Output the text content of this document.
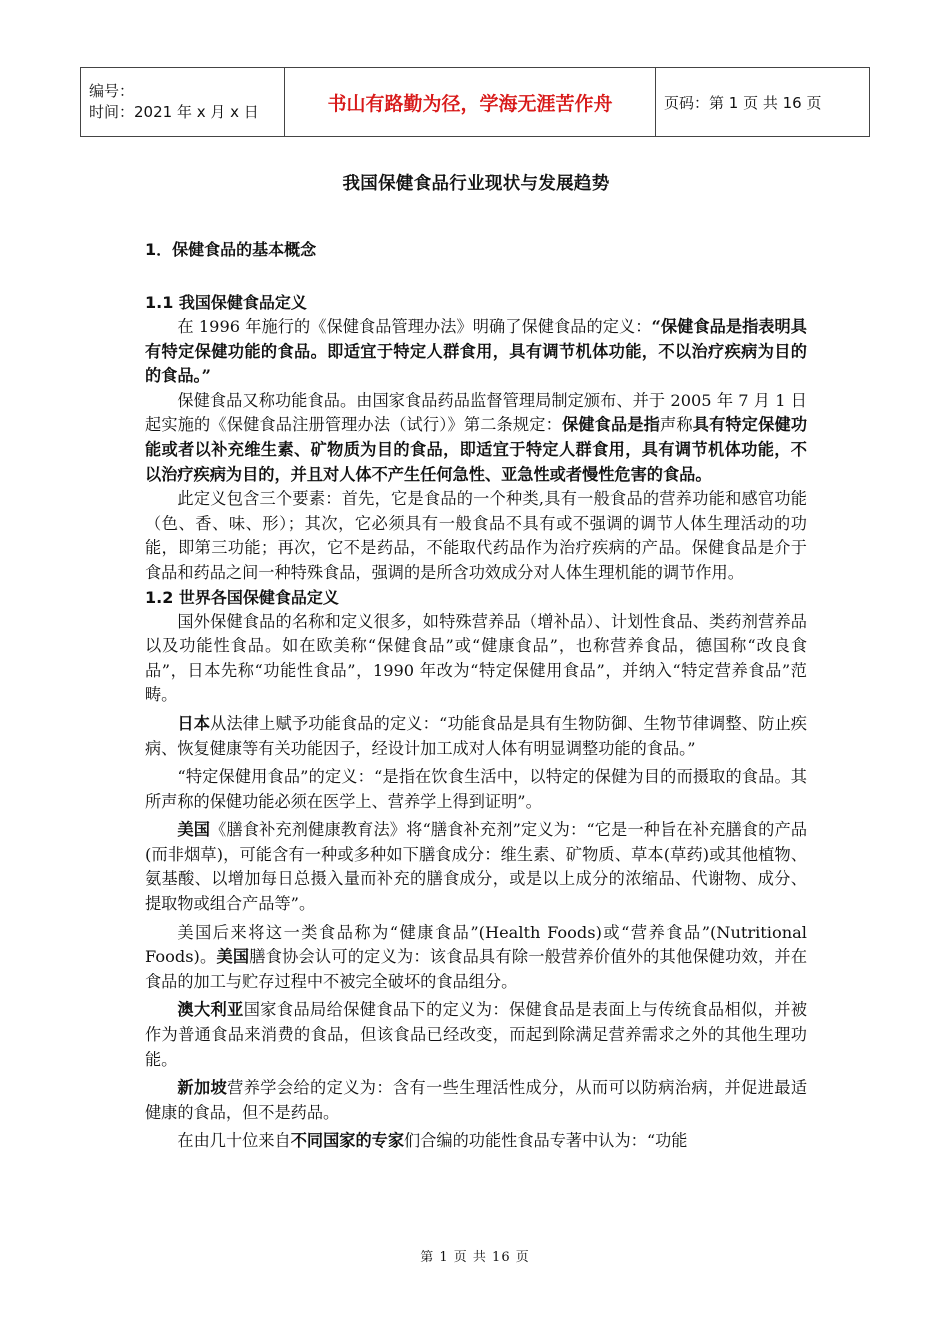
编号：
时间：2021 年 x 月 x 日	书山有路勤为径，学海无涯苦作舟	页码：第 1 页 共 16 页
我国保健食品行业现状与发展趋势
1．保健食品的基本概念
1.1 我国保健食品定义

在 1996 年施行的《保健食品管理办法》明确了保健食品的定义：“保健食品是指表明具有特定保健功能的食品。即适宜于特定人群食用，具有调节机体功能，不以治疗疾病为目的的食品。”

保健食品又称功能食品。由国家食品药品监督管理局制定颁布、并于 2005 年 7 月 1 日起实施的《保健食品注册管理办法（试行）》第二条规定：保健食品是指声称具有特定保健功能或者以补充维生素、矿物质为目的食品，即适宜于特定人群食用，具有调节机体功能，不以治疗疾病为目的，并且对人体不产生任何急性、亚急性或者慢性危害的食品。

此定义包含三个要素：首先，它是食品的一个种类,具有一般食品的营养功能和感官功能（色、香、味、形）；其次，它必须具有一般食品不具有或不强调的调节人体生理活动的功能，即第三功能；再次，它不是药品，不能取代药品作为治疗疾病的产品。保健食品是介于食品和药品之间一种特殊食品，强调的是所含功效成分对人体生理机能的调节作用。

1.2 世界各国保健食品定义

国外保健食品的名称和定义很多，如特殊营养品（增补品）、计划性食品、类药剂营养品以及功能性食品。如在欧美称“保健食品”或“健康食品”，也称营养食品，德国称“改良食品”，日本先称“功能性食品”，1990 年改为“特定保健用食品”，并纳入“特定营养食品”范畴。

日本从法律上赋予功能食品的定义：“功能食品是具有生物防御、生物节律调整、防止疾病、恢复健康等有关功能因子，经设计加工成对人体有明显调整功能的食品。”

“特定保健用食品”的定义：“是指在饮食生活中，以特定的保健为目的而摄取的食品。其所声称的保健功能必须在医学上、营养学上得到证明”。

美国《膳食补充剂健康教育法》将“膳食补充剂”定义为：“它是一种旨在补充膳食的产品(而非烟草)，可能含有一种或多种如下膳食成分：维生素、矿物质、草本(草药)或其他植物、氨基酸、以增加每日总摄入量而补充的膳食成分，或是以上成分的浓缩品、代谢物、成分、提取物或组合产品等”。

美国后来将这一类食品称为“健康食品”(Health Foods)或“营养食品”(Nutritional Foods)。美国膳食协会认可的定义为：该食品具有除一般营养价值外的其他保健功效，并在食品的加工与贮存过程中不被完全破坏的食品组分。

澳大利亚国家食品局给保健食品下的定义为：保健食品是表面上与传统食品相似，并被作为普通食品来消费的食品，但该食品已经改变，而起到除满足营养需求之外的其他生理功能。

新加坡营养学会给的定义为：含有一些生理活性成分，从而可以防病治病，并促进最适健康的食品，但不是药品。

在由几十位来自不同国家的专家们合编的功能性食品专著中认为：“功能

第 1 页 共 16 页
